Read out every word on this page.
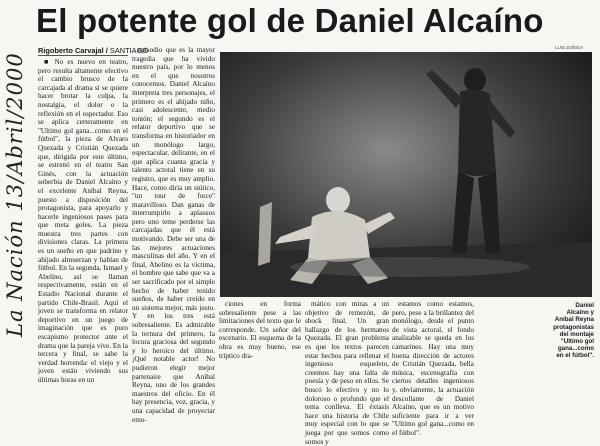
El potente gol de Daniel Alcaíno
La Nación 13/Abril/2000
Rigoberto Carvajal / SANTIAGO

■ No es nuevo en teatro, pero resulta altamente efectivo el cambio brusco de la carcajada al drama si se quiere hacer brotar la culpa, la nostalgia, el dolor o la reflexión en el espectador. Eso se aplica certeramente en "Ultimo gol gana...como en el fútbol", la pieza de Alvaro Quezada y Cristián Quezada que, dirigida por este último, se estrenó en el teatro San Ginés, con la actuación soberbia de Daniel Alcaíno y el excelente Aníbal Reyna, puesto a disposición del protagonista, para apoyarlo y hacerle ingeniosos pases para que meta goles. La pieza muestra tres partes con divisiones claras. La primera es un sueño en que padrino y ahijado almuerzan y hablan de fútbol. En la segunda, Ismael y Abelino, así se llaman respectivamente, están en el Estadio Nacional durante el partido Chile-Brasil. Aquí el joven se transforma en relator deportivo en un juego de imaginación que es puro escapismo protector ante el drama que la pareja vive. En la tercera y final, se sabe la verdad horrenda: el viejo y el joven están viviendo sus últimas horas en un

episodio que es la mayor tragedia que ha vivido nuestro país, por lo menos en el que nosotros conocemos. Daniel Alcaíno interpreta tres personajes, el primero es el ahijado niño, casi adolescente, medio tontón; el segundo es el relator deportivo que se transforma en historiador en un monólogo largo, espectacular, delirante, en el que aplica cuanta gracia y talento actoral tiene en su registro, que es muy amplio. Hace, como diría un siútico, "un tour de force" maravilloso. Dan ganas de interrumpirlo a aplausos pero uno teme perderse las carcajadas que él está motivando. Debe ser una de las mejores actuaciones masculinas del año. Y en el final, Abelino es la víctima, el hombre que sabe que va a ser sacrificado por el simple hecho de haber tenido sueños, de haber creído en un sistema mejor, más justo. Y en los tres está sobresaliente. Es admirable la ternura del primero, la locura graciosa del segundo y lo heroico del último. ¡Qué notable actor! No pudieron elegir mejor partenaire que Aníbal Reyna, uno de los grandes maestros del oficio. En él hay presencia, voz, gracia, y una capacidad de proyectar emo-

LUIS ZUÑIGA

ciones en forma sobresaliente pese a las limitaciones del texto que le corresponde. Un señor del escenario. El esquema de la obra es muy bueno, ese tríptico dra-

mático con miras a un objetivo de remezón, de shock final. Un gran hallazgo de los hermanos Quezada. El gran problema es que los textos parecen estar hechos para rellenar el ingenioso esqueleto, creemos hay una falta de poesía y de peso en ellos. Se buscó lo efectivo y no lo doloroso o profundo que el tema conlleva. El éxtasis hace una historia de Chile muy especial con lo que se juega por que somos como somos y

estamos como estamos, pero, pese a la brillantez del monólogo, desde el punto de vista actoral, el fondo analizable se queda en los camarines. Hay una muy buena dirección de actores de Cristián Quezada, bella música, escenografía con ciertos detalles ingeniosos y, obviamente, la actuación descollante de Daniel Alcaíno, que es un motivo suficiente para ir a ver "Ultimo gol gana...como en el fútbol".

Daniel Alcaíno y Aníbal Reyna protagonistas del montaje "Ultimo gol gana...como en el fútbol".
